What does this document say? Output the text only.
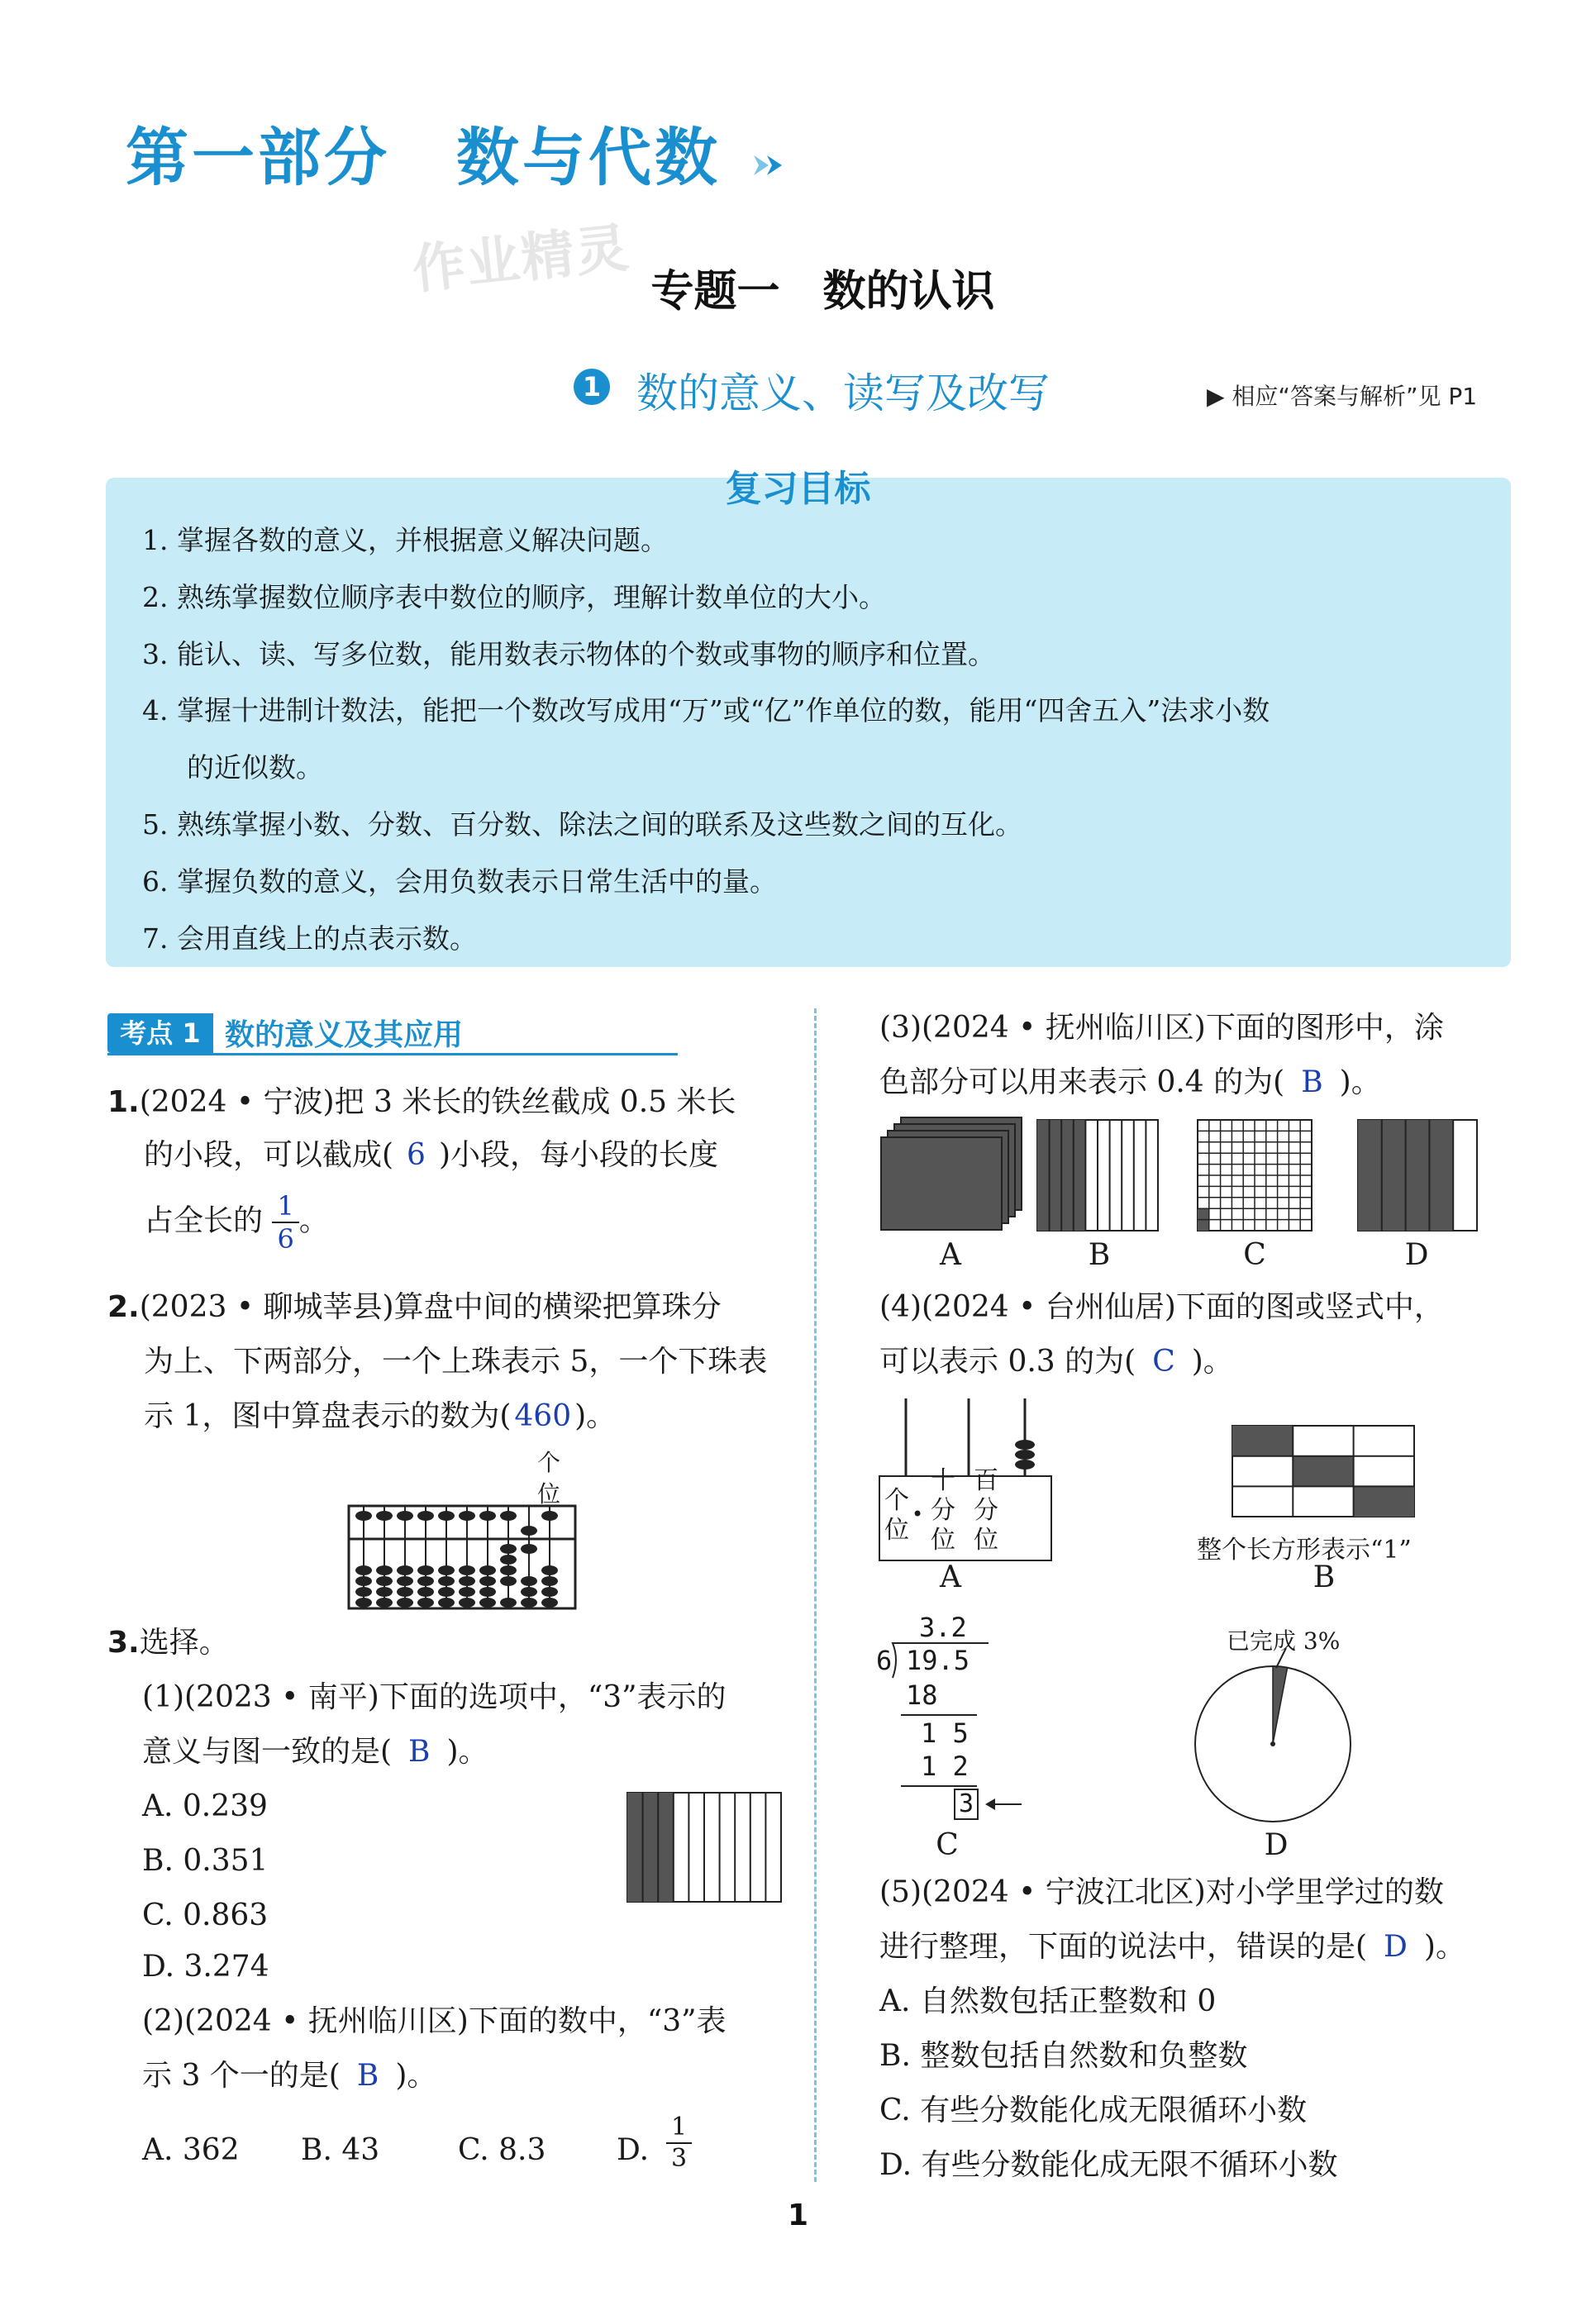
第一部分　数与代数
作业精灵 专题一　数的认识
1 数的意义、读写及改写	▶ 相应“答案与解析”见 P1
复习目标
1. 掌握各数的意义，并根据意义解决问题。
2. 熟练掌握数位顺序表中数位的顺序，理解计数单位的大小。
3. 能认、读、写多位数，能用数表示物体的个数或事物的顺序和位置。
4. 掌握十进制计数法，能把一个数改写成用“万”或“亿”作单位的数，能用“四舍五入”法求小数
的近似数。
5. 熟练掌握小数、分数、百分数、除法之间的联系及这些数之间的互化。
6. 掌握负数的意义，会用负数表示日常生活中的量。
7. 会用直线上的点表示数。
考点 1 数的意义及其应用
1.(2024 • 宁波)把 3 米长的铁丝截成 0.5 米长
的小段，可以截成( 6 )小段，每小段的长度
占全长的 $\frac{1}{6}$ 。
2.(2023 • 聊城莘县)算盘中间的横梁把算珠分
为上、下两部分，一个上珠表示 5，一个下珠表
示 1，图中算盘表示的数为( 460 )。
个
位
3.选择。
(1)(2023 • 南平)下面的选项中，“3”表示的
意义与图一致的是( B )。
A. 0.239
B. 0.351
C. 0.863
D. 3.274
(2)(2024 • 抚州临川区)下面的数中，“3”表
示 3 个一的是( B )。
A. 362 B. 43	C. 8.3 D. $\frac{1}{3}$
(3)(2024 • 抚州临川区)下面的图形中，涂
色部分可以用来表示 0.4 的为( B )。
A	B	C	D
(4)(2024 • 台州仙居)下面的图或竖式中，
可以表示 0.3 的为( C )。
个位
•
十分位
百分位	整个长方形表示“1”
A	B
3.2
6 19.5
18
1 5
1 2
3
C
已完成 3%
D
(5)(2024 • 宁波江北区)对小学里学过的数
进行整理，下面的说法中，错误的是( D )。
A. 自然数包括正整数和 0
B. 整数包括自然数和负整数
C. 有些分数能化成无限循环小数
D. 有些分数能化成无限不循环小数
1
